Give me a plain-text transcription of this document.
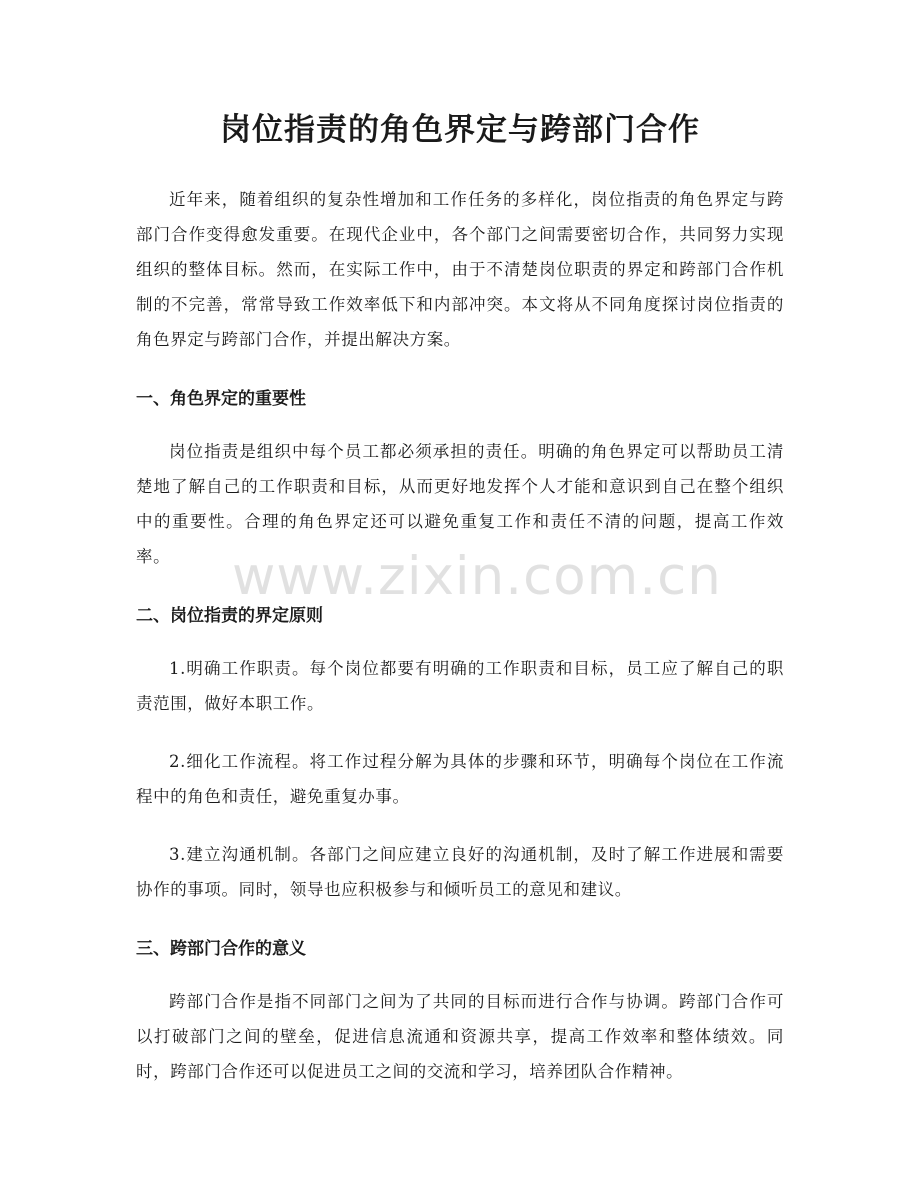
岗位指责的角色界定与跨部门合作

近年来，随着组织的复杂性增加和工作任务的多样化，岗位指责的角色界定与跨部门合作变得愈发重要。在现代企业中，各个部门之间需要密切合作，共同努力实现组织的整体目标。然而，在实际工作中，由于不清楚岗位职责的界定和跨部门合作机制的不完善，常常导致工作效率低下和内部冲突。本文将从不同角度探讨岗位指责的角色界定与跨部门合作，并提出解决方案。

一、角色界定的重要性

岗位指责是组织中每个员工都必须承担的责任。明确的角色界定可以帮助员工清楚地了解自己的工作职责和目标，从而更好地发挥个人才能和意识到自己在整个组织中的重要性。合理的角色界定还可以避免重复工作和责任不清的问题，提高工作效率。

二、岗位指责的界定原则

1.明确工作职责。每个岗位都要有明确的工作职责和目标，员工应了解自己的职责范围，做好本职工作。

2.细化工作流程。将工作过程分解为具体的步骤和环节，明确每个岗位在工作流程中的角色和责任，避免重复办事。

3.建立沟通机制。各部门之间应建立良好的沟通机制，及时了解工作进展和需要协作的事项。同时，领导也应积极参与和倾听员工的意见和建议。

三、跨部门合作的意义

跨部门合作是指不同部门之间为了共同的目标而进行合作与协调。跨部门合作可以打破部门之间的壁垒，促进信息流通和资源共享，提高工作效率和整体绩效。同时，跨部门合作还可以促进员工之间的交流和学习，培养团队合作精神。

www.zixin.com.cn
